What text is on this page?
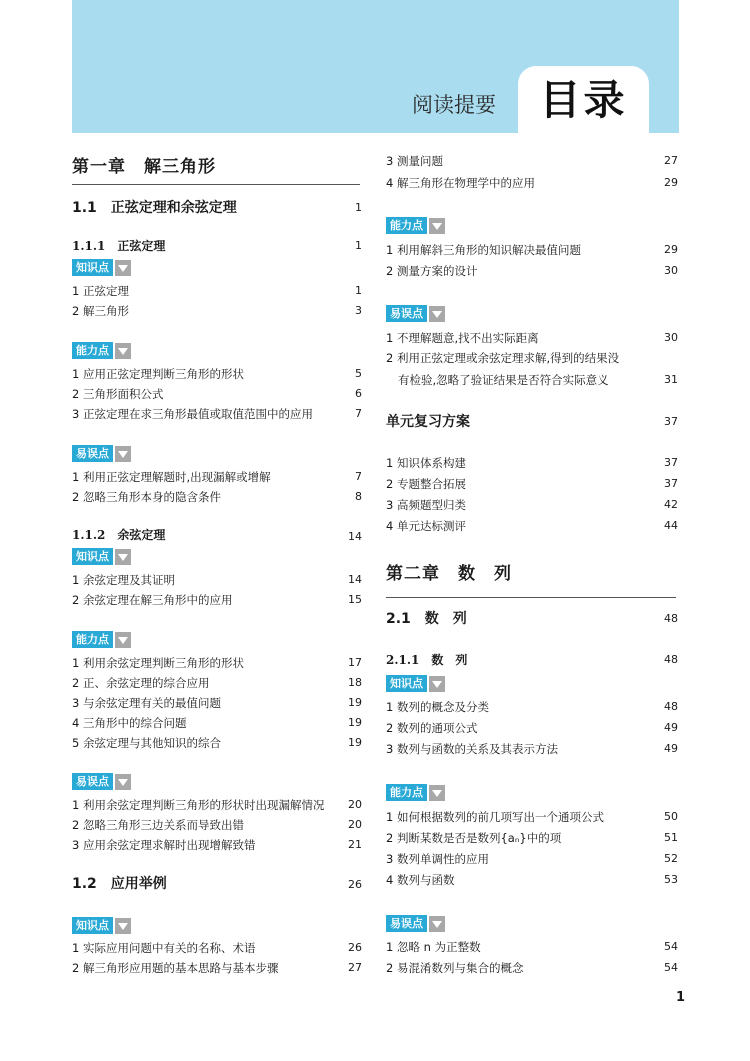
目录
阅读提要
第一章　解三角形
1.1　正弦定理和余弦定理	1
1.1.1　正弦定理	1
知识点
1 正弦定理	1
2 解三角形	3
能力点
1 应用正弦定理判断三角形的形状	5
2 三角形面积公式	6
3 正弦定理在求三角形最值或取值范围中的应用	7
易误点
1 利用正弦定理解题时,出现漏解或增解	7
2 忽略三角形本身的隐含条件	8
1.1.2　余弦定理	14
知识点
1 余弦定理及其证明	14
2 余弦定理在解三角形中的应用	15
能力点
1 利用余弦定理判断三角形的形状	17
2 正、余弦定理的综合应用	18
3 与余弦定理有关的最值问题	19
4 三角形中的综合问题	19
5 余弦定理与其他知识的综合	19
易误点
1 利用余弦定理判断三角形的形状时出现漏解情况	20
2 忽略三角形三边关系而导致出错	20
3 应用余弦定理求解时出现增解致错	21
1.2　应用举例	26
知识点
1 实际应用问题中有关的名称、术语	26
2 解三角形应用题的基本思路与基本步骤	27
3 测量问题	27
4 解三角形在物理学中的应用	29
能力点
1 利用解斜三角形的知识解决最值问题	29
2 测量方案的设计	30
易误点
1 不理解题意,找不出实际距离	30
2 利用正弦定理或余弦定理求解,得到的结果没
有检验,忽略了验证结果是否符合实际意义	31
单元复习方案	37
1 知识体系构建	37
2 专题整合拓展	37
3 高频题型归类	42
4 单元达标测评	44
第二章　数　列
2.1　数　列	48
2.1.1　数　列	48
知识点
1 数列的概念及分类	48
2 数列的通项公式	49
3 数列与函数的关系及其表示方法	49
能力点
1 如何根据数列的前几项写出一个通项公式	50
2 判断某数是否是数列{aₙ}中的项	51
3 数列单调性的应用	52
4 数列与函数	53
易误点
1 忽略 n 为正整数	54
2 易混淆数列与集合的概念	54
1
